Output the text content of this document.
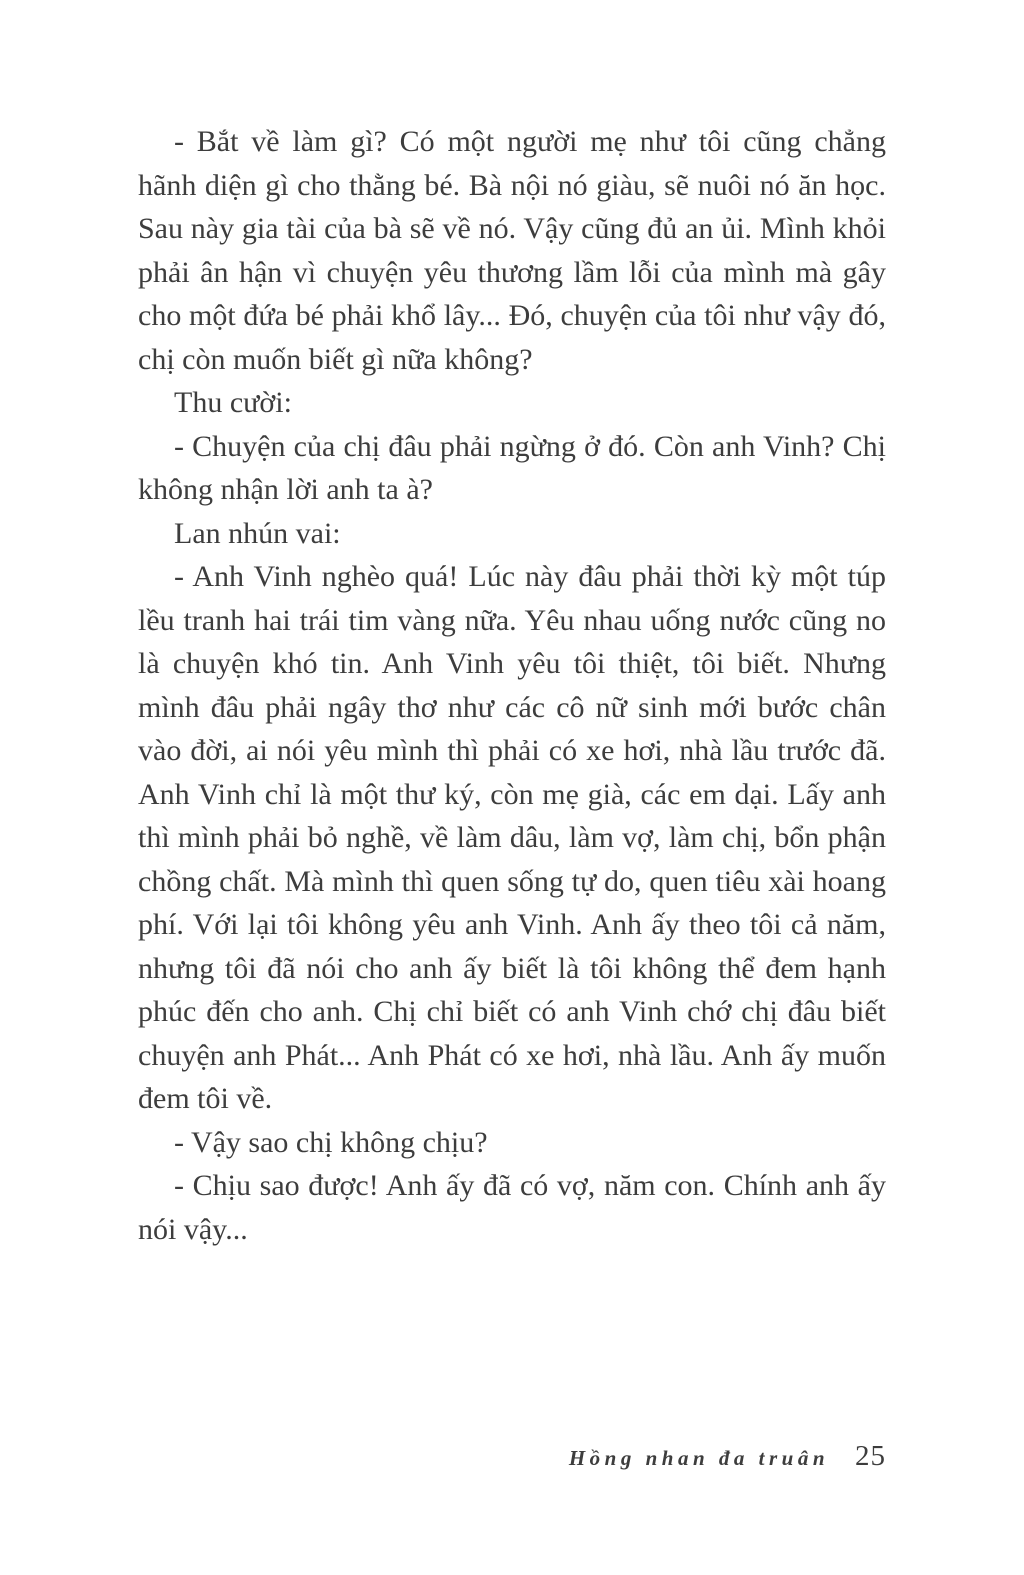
- Bắt về làm gì? Có một người mẹ như tôi cũng chẳng hãnh diện gì cho thằng bé. Bà nội nó giàu, sẽ nuôi nó ăn học. Sau này gia tài của bà sẽ về nó. Vậy cũng đủ an ủi. Mình khỏi phải ân hận vì chuyện yêu thương lầm lỗi của mình mà gây cho một đứa bé phải khổ lây... Đó, chuyện của tôi như vậy đó, chị còn muốn biết gì nữa không?

Thu cười:

- Chuyện của chị đâu phải ngừng ở đó. Còn anh Vinh? Chị không nhận lời anh ta à?

Lan nhún vai:

- Anh Vinh nghèo quá! Lúc này đâu phải thời kỳ một túp lều tranh hai trái tim vàng nữa. Yêu nhau uống nước cũng no là chuyện khó tin. Anh Vinh yêu tôi thiệt, tôi biết. Nhưng mình đâu phải ngây thơ như các cô nữ sinh mới bước chân vào đời, ai nói yêu mình thì phải có xe hơi, nhà lầu trước đã. Anh Vinh chỉ là một thư ký, còn mẹ già, các em dại. Lấy anh thì mình phải bỏ nghề, về làm dâu, làm vợ, làm chị, bổn phận chồng chất. Mà mình thì quen sống tự do, quen tiêu xài hoang phí. Với lại tôi không yêu anh Vinh. Anh ấy theo tôi cả năm, nhưng tôi đã nói cho anh ấy biết là tôi không thể đem hạnh phúc đến cho anh. Chị chỉ biết có anh Vinh chớ chị đâu biết chuyện anh Phát... Anh Phát có xe hơi, nhà lầu. Anh ấy muốn đem tôi về.

- Vậy sao chị không chịu?

- Chịu sao được! Anh ấy đã có vợ, năm con. Chính anh ấy nói vậy...

Hồng nhan đa truân 25
